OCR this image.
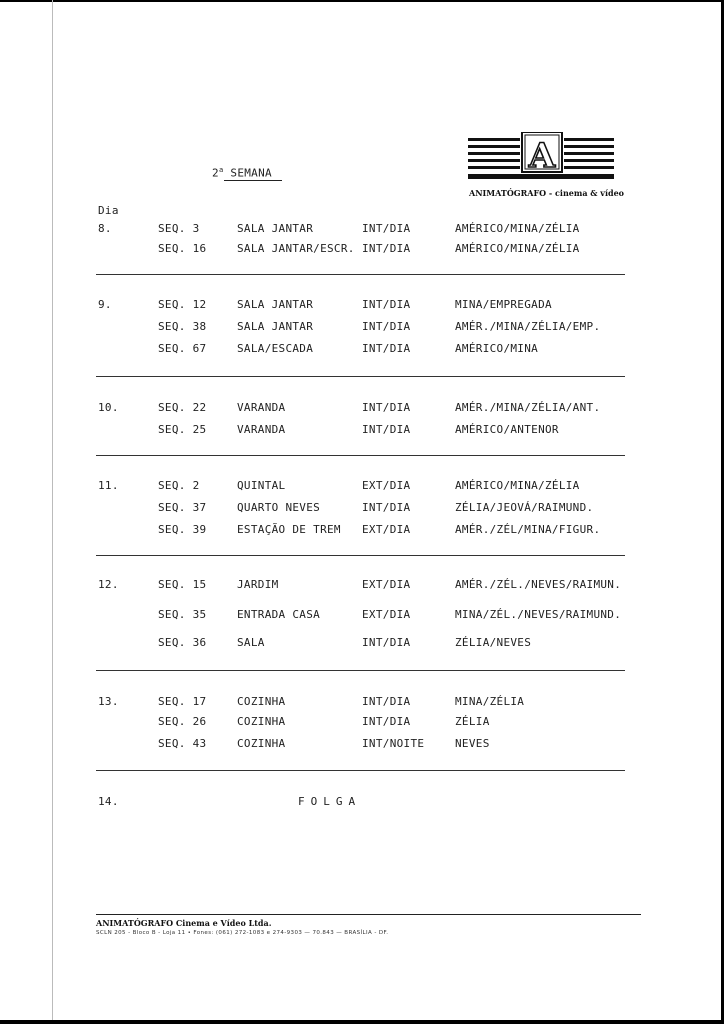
A
ANIMATÓGRAFO - cinema & vídeo
2$^a$ SEMANA
Dia
8.	SEQ. 3	SALA JANTAR	INT/DIA	AMÉRICO/MINA/ZÉLIA
SEQ. 16	SALA JANTAR/ESCR. INT/DIA	AMÉRICO/MINA/ZÉLIA
9.	SEQ. 12	SALA JANTAR	INT/DIA	MINA/EMPREGADA
SEQ. 38	SALA JANTAR	INT/DIA	AMÉR./MINA/ZÉLIA/EMP.
SEQ. 67	SALA/ESCADA	INT/DIA	AMÉRICO/MINA
10.	SEQ. 22	VARANDA	INT/DIA	AMÉR./MINA/ZÉLIA/ANT.
SEQ. 25	VARANDA	INT/DIA	AMÉRICO/ANTENOR
11.	SEQ. 2	QUINTAL	EXT/DIA	AMÉRICO/MINA/ZÉLIA
SEQ. 37	QUARTO NEVES	INT/DIA	ZÉLIA/JEOVÁ/RAIMUND.
SEQ. 39	ESTAÇÃO DE TREM EXT/DIA	AMÉR./ZÉL/MINA/FIGUR.
12.	SEQ. 15	JARDIM	EXT/DIA	AMÉR./ZÉL./NEVES/RAIMUN.
SEQ. 35	ENTRADA CASA	EXT/DIA	MINA/ZÉL./NEVES/RAIMUND.
SEQ. 36	SALA	INT/DIA	ZÉLIA/NEVES
13.	SEQ. 17	COZINHA	INT/DIA	MINA/ZÉLIA
SEQ. 26	COZINHA	INT/DIA	ZÉLIA
SEQ. 43	COZINHA	INT/NOITE	NEVES
14.	FOLGA
ANIMATÓGRAFO Cinema e Vídeo Ltda.
SCLN 205 - Bloco B - Loja 11 • Fones: (061) 272-1083 e 274-9303 — 70.843 — BRASÍLIA - DF.
